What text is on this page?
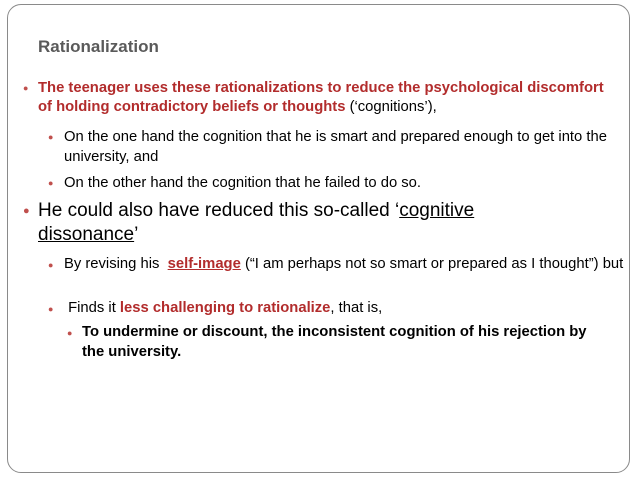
Rationalization
● The teenager uses these rationalizations to reduce the psychological discomfort of holding contradictory beliefs or thoughts (‘cognitions’),

● On the one hand the cognition that he is smart and prepared enough to get into the university, and

● On the other hand the cognition that he failed to do so.

● He could also have reduced this so-called ‘cognitive dissonance’

● By revising his  self-image (“I am perhaps not so smart or prepared as I thought”) but

● Finds it less challenging to rationalize, that is,

● To undermine or discount, the inconsistent cognition of his rejection by the university.
